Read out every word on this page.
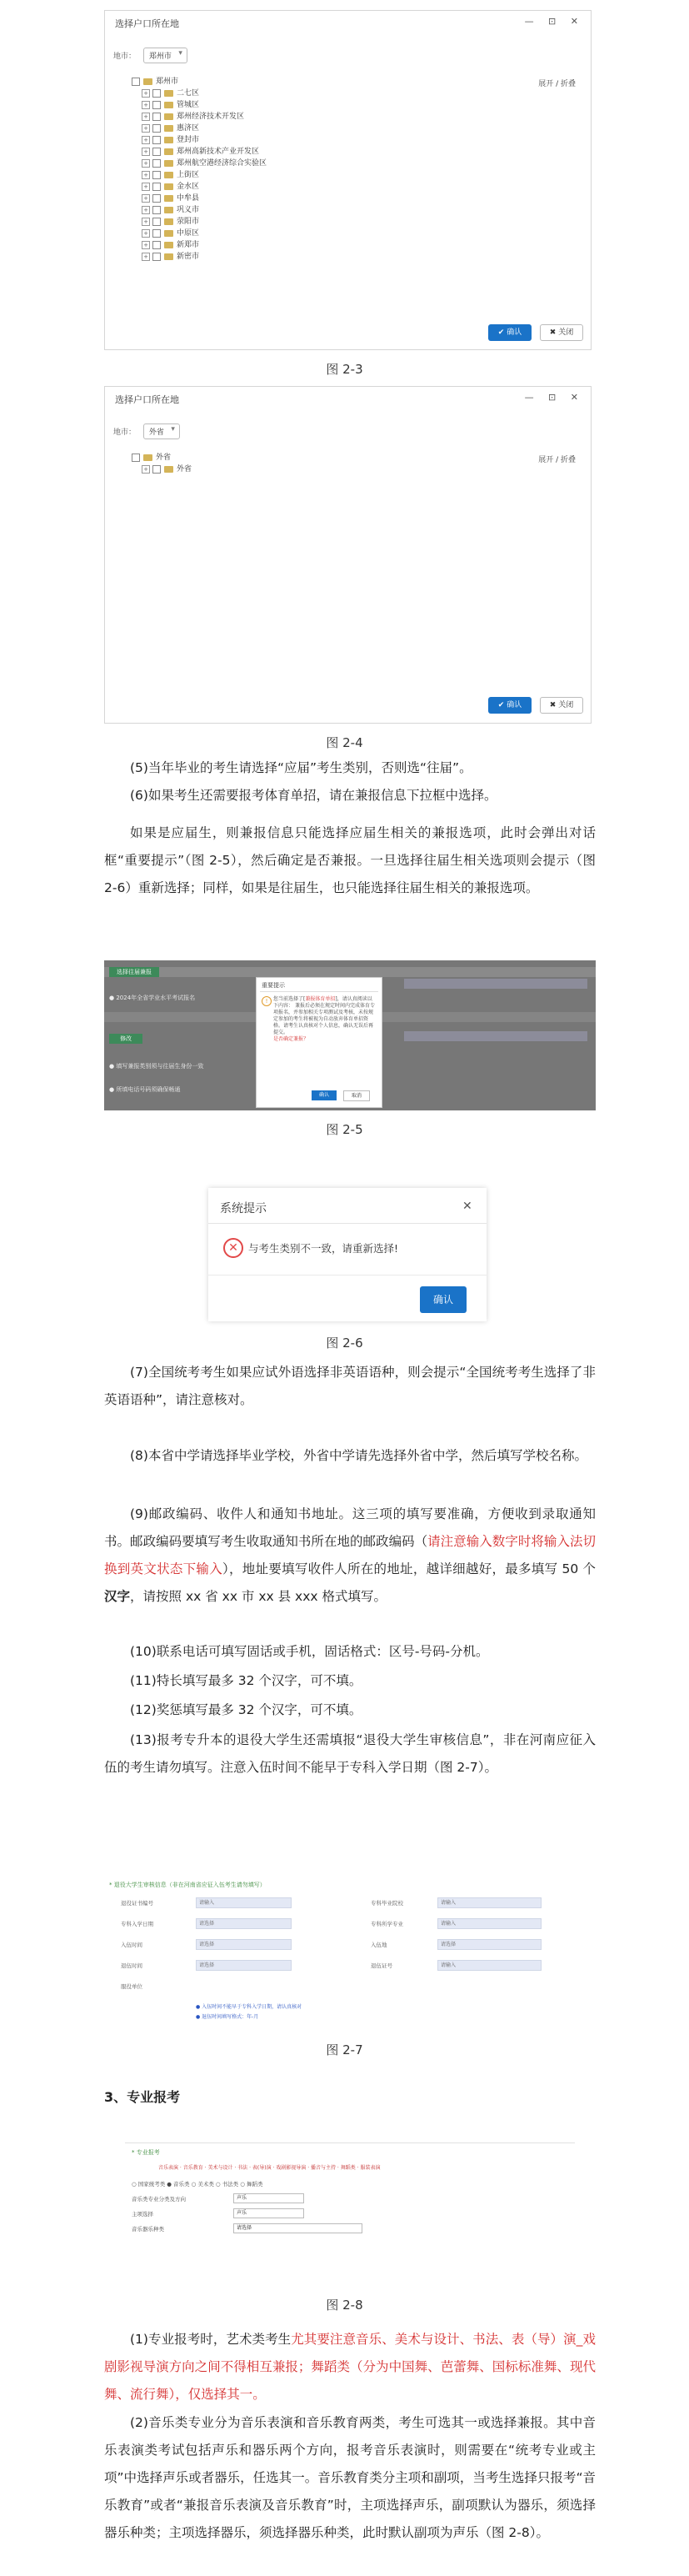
选择户口所在地	— ⊡ ✕
地市： 郑州市 ▾
展开 / 折叠
郑州市
+	二七区
+	管城区
+	郑州经济技术开发区
+	惠济区
+	登封市
+	郑州高新技术产业开发区
+	郑州航空港经济综合实验区
+	上街区
+	金水区
+	中牟县
+	巩义市
+	荥阳市
+	中原区
+	新郑市
+	新密市
✔ 确认	✖ 关闭
图 2-3
选择户口所在地	— ⊡ ✕
地市： 外省 ▾
展开 / 折叠
外省
+	外省
✔ 确认	✖ 关闭
图 2-4
(5)当年毕业的考生请选择“应届”考生类别，否则选“往届”。
(6)如果考生还需要报考体育单招，请在兼报信息下拉框中选择。
如果是应届生，则兼报信息只能选择应届生相关的兼报选项，此时会弹出对话框“重要提示”（图 2-5），然后确定是否兼报。一旦选择往届生相关选项则会提示（图 2-6）重新选择；同样，如果是往届生，也只能选择往届生相关的兼报选项。
选择往届兼报
● 2024年全省学业水平考试报名
修改
● 填写兼报类别须与往届生身份一致
● 所填电话号码须确保畅通
重要提示
!	您当前选择了[兼报体育单招]，请认真阅读以下内容： 兼报后必须在规定时间内完成体育专项报名，并参加相关专项测试及考核，未按规定参加的考生将被视为自动放弃体育单招资格。请考生认真核对个人信息，确认无误后再提交。
是否确定兼报？
确认	取消
图 2-5
系统提示	✕
✕ 与考生类别不一致，请重新选择!
确认
图 2-6
(7)全国统考考生如果应试外语选择非英语语种，则会提示“全国统考考生选择了非英语语种”，请注意核对。
(8)本省中学请选择毕业学校，外省中学请先选择外省中学，然后填写学校名称。
(9)邮政编码、收件人和通知书地址。这三项的填写要准确，方便收到录取通知书。邮政编码要填写考生收取通知书所在地的邮政编码（请注意输入数字时将输入法切换到英文状态下输入），地址要填写收件人所在的地址，越详细越好，最多填写 50 个汉字，请按照 xx 省 xx 市 xx 县 xxx 格式填写。
(10)联系电话可填写固话或手机，固话格式：区号-号码-分机。
(11)特长填写最多 32 个汉字，可不填。
(12)奖惩填写最多 32 个汉字，可不填。
(13)报考专升本的退役大学生还需填报“退役大学生审核信息”，非在河南应征入伍的考生请勿填写。注意入伍时间不能早于专科入学日期（图 2-7）。
* 退役大学生审核信息（非在河南省应征入伍考生请勿填写）
退役证书编号	请输入
专科入学日期	请选择
入伍时间	请选择
退伍时间	请选择
服役单位
专科毕业院校	请输入
专科所学专业	请输入
入伍地	请选择
退伍证号	请输入
● 入伍时间不能早于专科入学日期，请认真核对
● 退伍时间填写格式：年-月
图 2-7
3、专业报考
* 专业报考
音乐表演 · 音乐教育 · 美术与设计 · 书法 · 表(导)演 · 戏剧影视导演 · 播音与主持 · 舞蹈类 · 服装表演
○ 国家统考类 ● 音乐类 ○ 美术类 ○ 书法类 ○ 舞蹈类
音乐类专业分类及方向	声乐
主项选择	声乐
音乐器乐种类	请选择
图 2-8
(1)专业报考时，艺术类考生尤其要注意音乐、美术与设计、书法、表（导）演_戏剧影视导演方向之间不得相互兼报；舞蹈类（分为中国舞、芭蕾舞、国标标准舞、现代舞、流行舞），仅选择其一。
(2)音乐类专业分为音乐表演和音乐教育两类，考生可选其一或选择兼报。其中音乐表演类考试包括声乐和器乐两个方向，报考音乐表演时，则需要在“统考专业或主项”中选择声乐或者器乐，任选其一。音乐教育类分主项和副项，当考生选择只报考“音乐教育”或者“兼报音乐表演及音乐教育”时，主项选择声乐，副项默认为器乐，须选择器乐种类；主项选择器乐，须选择器乐种类，此时默认副项为声乐（图 2-8）。
